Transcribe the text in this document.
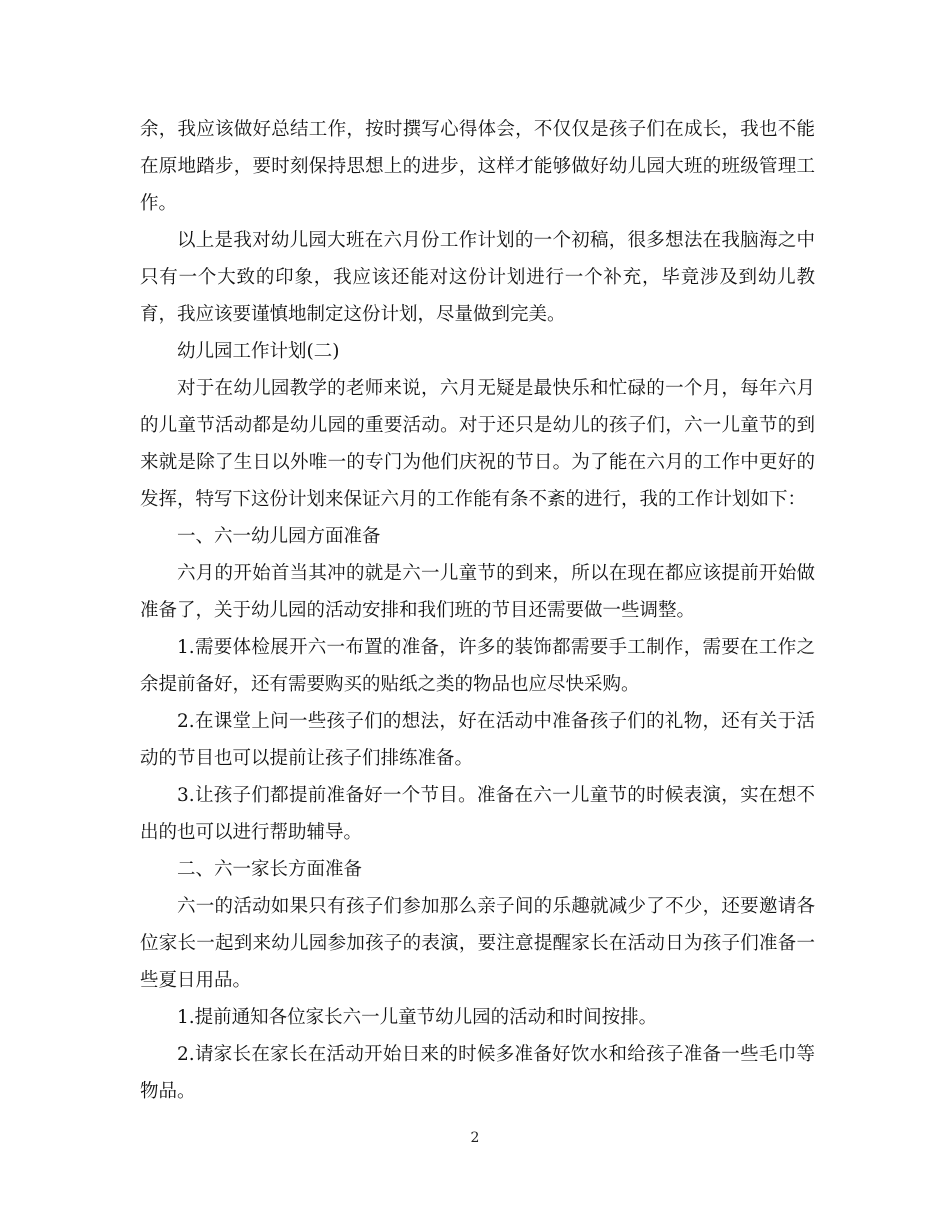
余，我应该做好总结工作，按时撰写心得体会，不仅仅是孩子们在成长，我也不能在原地踏步，要时刻保持思想上的进步，这样才能够做好幼儿园大班的班级管理工作。

以上是我对幼儿园大班在六月份工作计划的一个初稿，很多想法在我脑海之中只有一个大致的印象，我应该还能对这份计划进行一个补充，毕竟涉及到幼儿教育，我应该要谨慎地制定这份计划，尽量做到完美。

幼儿园工作计划(二)

对于在幼儿园教学的老师来说，六月无疑是最快乐和忙碌的一个月，每年六月的儿童节活动都是幼儿园的重要活动。对于还只是幼儿的孩子们，六一儿童节的到来就是除了生日以外唯一的专门为他们庆祝的节日。为了能在六月的工作中更好的发挥，特写下这份计划来保证六月的工作能有条不紊的进行，我的工作计划如下：

一、六一幼儿园方面准备

六月的开始首当其冲的就是六一儿童节的到来，所以在现在都应该提前开始做准备了，关于幼儿园的活动安排和我们班的节目还需要做一些调整。

1.需要体检展开六一布置的准备，许多的装饰都需要手工制作，需要在工作之余提前备好，还有需要购买的贴纸之类的物品也应尽快采购。

2.在课堂上问一些孩子们的想法，好在活动中准备孩子们的礼物，还有关于活动的节目也可以提前让孩子们排练准备。

3.让孩子们都提前准备好一个节目。准备在六一儿童节的时候表演，实在想不出的也可以进行帮助辅导。

二、六一家长方面准备

六一的活动如果只有孩子们参加那么亲子间的乐趣就减少了不少，还要邀请各位家长一起到来幼儿园参加孩子的表演，要注意提醒家长在活动日为孩子们准备一些夏日用品。

1.提前通知各位家长六一儿童节幼儿园的活动和时间按排。

2.请家长在家长在活动开始日来的时候多准备好饮水和给孩子准备一些毛巾等物品。

2
